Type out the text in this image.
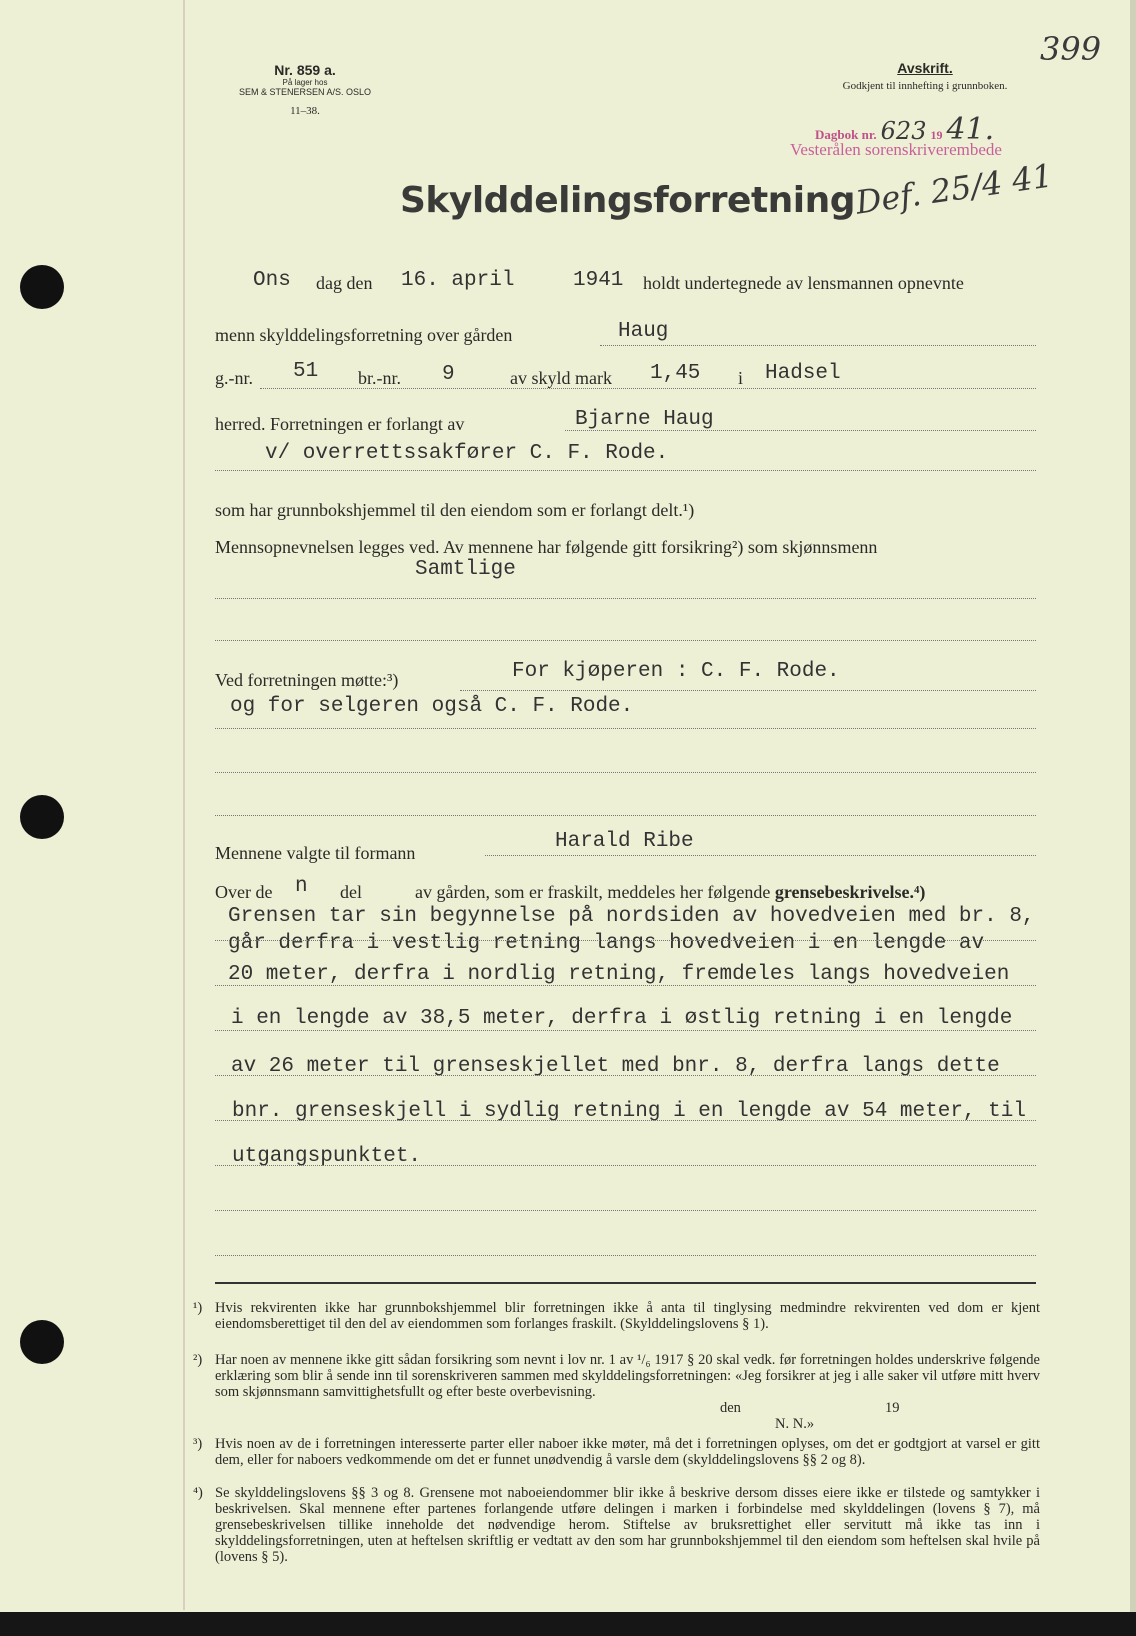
Nr. 859 a.
På lager hos
SEM & STENERSEN A/S. OSLO
11–38.
Avskrift.
Godkjent til innhefting i grunnboken.
399
Dagbok nr. 623 19 41.
Vesterålen sorenskriverembede
Def. 25/4 41
Skylddelingsforretning
Ons dag den 16. april	1941 holdt undertegnede av lensmannen opnevnte
menn skylddelingsforretning over gården	Haug
g.-nr. 51 br.-nr. 9	av skyld mark 1,45 i Hadsel
herred. Forretningen er forlangt av	Bjarne Haug
v/ overrettssakfører C. F. Rode.
som har grunnbokshjemmel til den eiendom som er forlangt delt.¹)
Mennsopnevnelsen legges ved. Av mennene har følgende gitt forsikring²) som skjønnsmenn
Samtlige
Ved forretningen møtte:³)	For kjøperen : C. F. Rode.
og for selgeren også C. F. Rode.
Mennene valgte til formann	Harald Ribe
Over de n del	av gården, som er fraskilt, meddeles her følgende grensebeskrivelse.⁴)
Grensen tar sin begynnelse på nordsiden av hovedveien med br. 8,
går derfra i vestlig retning langs hovedveien i en lengde av
20 meter, derfra i nordlig retning, fremdeles langs hovedveien
i en lengde av 38,5 meter, derfra i østlig retning i en lengde
av 26 meter til grenseskjellet med bnr. 8, derfra langs dette
bnr. grenseskjell i sydlig retning i en lengde av 54 meter, til
utgangspunktet.
¹) Hvis rekvirenten ikke har grunnbokshjemmel blir forretningen ikke å anta til tinglysing medmindre rekvirenten ved dom er kjent eiendomsberettiget til den del av eiendommen som forlanges fraskilt. (Skylddelingslovens § 1).
²) Har noen av mennene ikke gitt sådan forsikring som nevnt i lov nr. 1 av ¹/₆ 1917 § 20 skal vedk. før forretningen holdes underskrive følgende erklæring som blir å sende inn til sorenskriveren sammen med skylddelingsforretningen: «Jeg forsikrer at jeg i alle saker vil utføre mitt hverv som skjønnsmann samvittighetsfullt og efter beste overbevisning.
den	19
N. N.»
³) Hvis noen av de i forretningen interesserte parter eller naboer ikke møter, må det i forretningen oplyses, om det er godtgjort at varsel er gitt dem, eller for naboers vedkommende om det er funnet unødvendig å varsle dem (skylddelingslovens §§ 2 og 8).
⁴) Se skylddelingslovens §§ 3 og 8. Grensene mot naboeiendommer blir ikke å beskrive dersom disses eiere ikke er tilstede og samtykker i beskrivelsen. Skal mennene efter partenes forlangende utføre delingen i marken i forbindelse med skylddelingen (lovens § 7), må grensebeskrivelsen tillike inneholde det nødvendige herom. Stiftelse av bruksrettighet eller servitutt må ikke tas inn i skylddelingsforretningen, uten at heftelsen skriftlig er vedtatt av den som har grunnbokshjemmel til den eiendom som heftelsen skal hvile på (lovens § 5).
